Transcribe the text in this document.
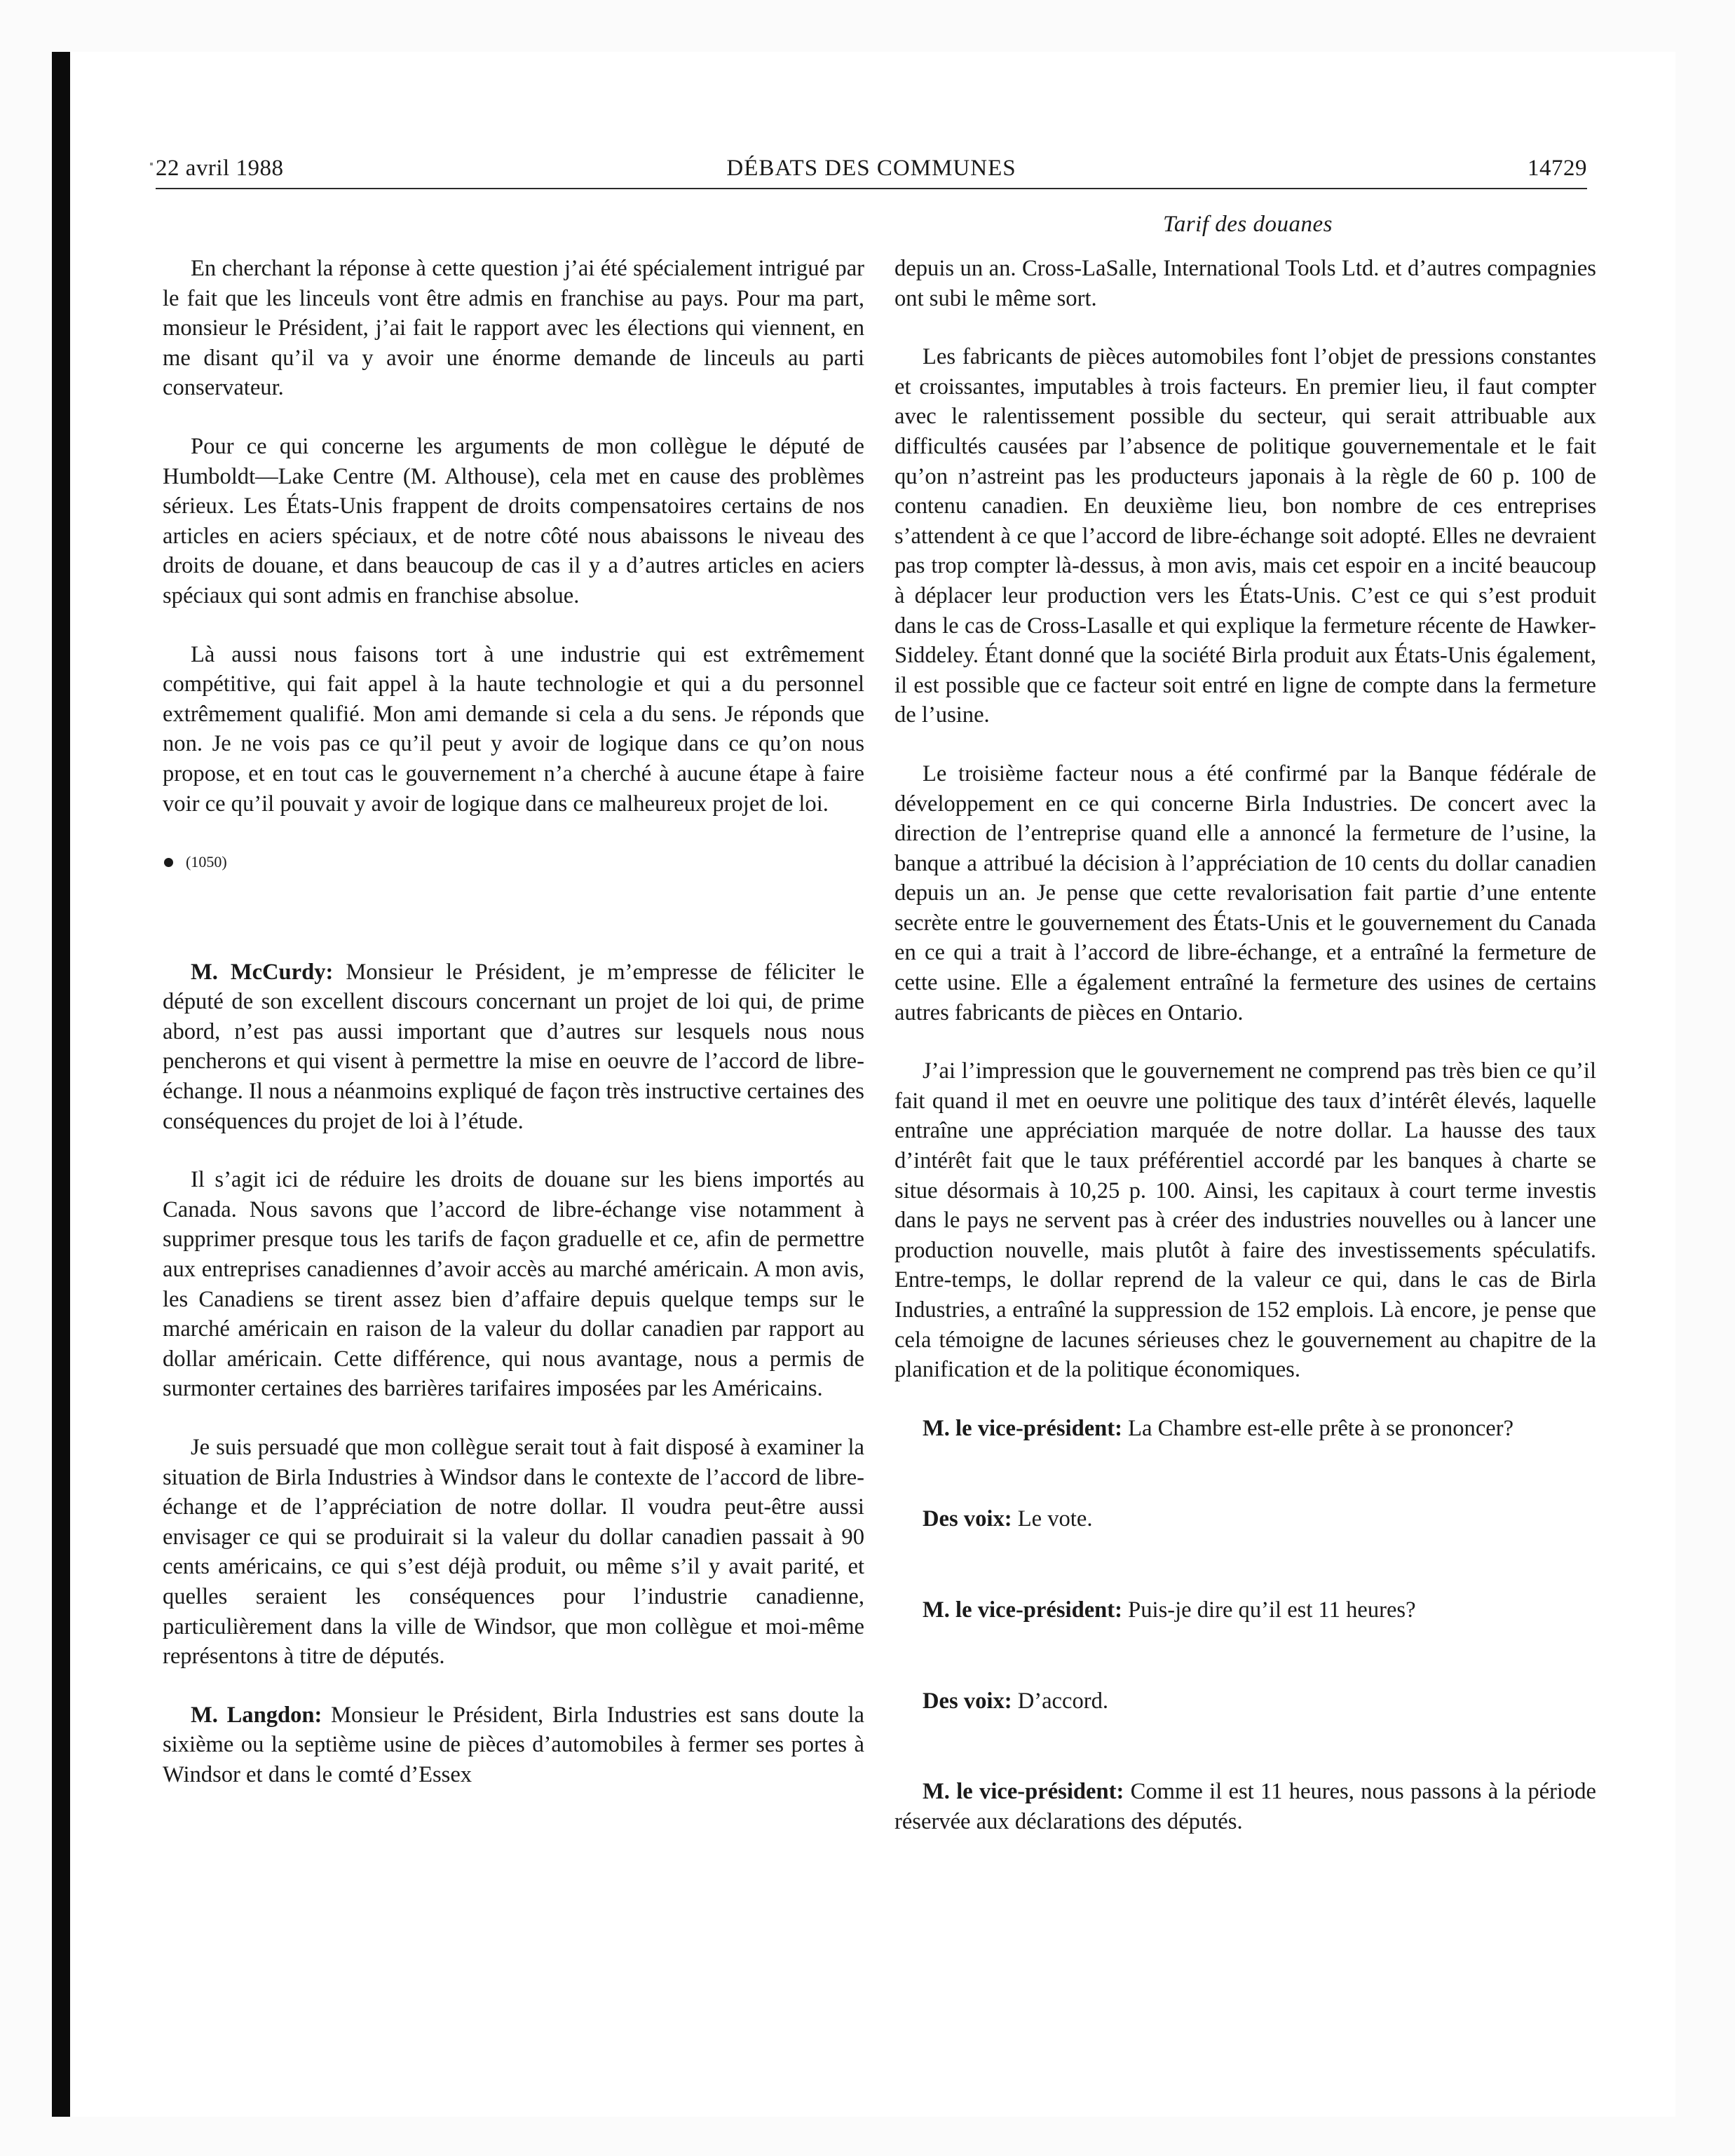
22 avril 1988	DÉBATS DES COMMUNES	14729
Tarif des douanes

En cherchant la réponse à cette question j’ai été spécialement intrigué par le fait que les linceuls vont être admis en franchise au pays. Pour ma part, monsieur le Président, j’ai fait le rapport avec les élections qui viennent, en me disant qu’il va y avoir une énorme demande de linceuls au parti conservateur.

Pour ce qui concerne les arguments de mon collègue le député de Humboldt—Lake Centre (M. Althouse), cela met en cause des problèmes sérieux. Les États-Unis frappent de droits compensatoires certains de nos articles en aciers spéciaux, et de notre côté nous abaissons le niveau des droits de douane, et dans beaucoup de cas il y a d’autres articles en aciers spéciaux qui sont admis en franchise absolue.

Là aussi nous faisons tort à une industrie qui est extrêmement compétitive, qui fait appel à la haute technologie et qui a du personnel extrêmement qualifié. Mon ami demande si cela a du sens. Je réponds que non. Je ne vois pas ce qu’il peut y avoir de logique dans ce qu’on nous propose, et en tout cas le gouvernement n’a cherché à aucune étape à faire voir ce qu’il pouvait y avoir de logique dans ce malheureux projet de loi.

(1050)

M. McCurdy: Monsieur le Président, je m’empresse de féliciter le député de son excellent discours concernant un projet de loi qui, de prime abord, n’est pas aussi important que d’autres sur lesquels nous nous pencherons et qui visent à permettre la mise en oeuvre de l’accord de libre-échange. Il nous a néanmoins expliqué de façon très instructive certaines des conséquences du projet de loi à l’étude.

Il s’agit ici de réduire les droits de douane sur les biens importés au Canada. Nous savons que l’accord de libre-échange vise notamment à supprimer presque tous les tarifs de façon graduelle et ce, afin de permettre aux entreprises canadiennes d’avoir accès au marché américain. A mon avis, les Canadiens se tirent assez bien d’affaire depuis quelque temps sur le marché américain en raison de la valeur du dollar canadien par rapport au dollar américain. Cette différence, qui nous avantage, nous a permis de surmonter certaines des barrières tarifaires imposées par les Américains.

Je suis persuadé que mon collègue serait tout à fait disposé à examiner la situation de Birla Industries à Windsor dans le contexte de l’accord de libre-échange et de l’appréciation de notre dollar. Il voudra peut-être aussi envisager ce qui se produirait si la valeur du dollar canadien passait à 90 cents américains, ce qui s’est déjà produit, ou même s’il y avait parité, et quelles seraient les conséquences pour l’industrie canadienne, particulièrement dans la ville de Windsor, que mon collègue et moi-même représentons à titre de députés.

M. Langdon: Monsieur le Président, Birla Industries est sans doute la sixième ou la septième usine de pièces d’automobiles à fermer ses portes à Windsor et dans le comté d’Essex

depuis un an. Cross-LaSalle, International Tools Ltd. et d’autres compagnies ont subi le même sort.

Les fabricants de pièces automobiles font l’objet de pressions constantes et croissantes, imputables à trois facteurs. En premier lieu, il faut compter avec le ralentissement possible du secteur, qui serait attribuable aux difficultés causées par l’absence de politique gouvernementale et le fait qu’on n’astreint pas les producteurs japonais à la règle de 60 p. 100 de contenu canadien. En deuxième lieu, bon nombre de ces entreprises s’attendent à ce que l’accord de libre-échange soit adopté. Elles ne devraient pas trop compter là-dessus, à mon avis, mais cet espoir en a incité beaucoup à déplacer leur production vers les États-Unis. C’est ce qui s’est produit dans le cas de Cross-Lasalle et qui explique la fermeture récente de Hawker-Siddeley. Étant donné que la société Birla produit aux États-Unis également, il est possible que ce facteur soit entré en ligne de compte dans la fermeture de l’usine.

Le troisième facteur nous a été confirmé par la Banque fédérale de développement en ce qui concerne Birla Industries. De concert avec la direction de l’entreprise quand elle a annoncé la fermeture de l’usine, la banque a attribué la décision à l’appréciation de 10 cents du dollar canadien depuis un an. Je pense que cette revalorisation fait partie d’une entente secrète entre le gouvernement des États-Unis et le gouvernement du Canada en ce qui a trait à l’accord de libre-échange, et a entraîné la fermeture de cette usine. Elle a également entraîné la fermeture des usines de certains autres fabricants de pièces en Ontario.

J’ai l’impression que le gouvernement ne comprend pas très bien ce qu’il fait quand il met en oeuvre une politique des taux d’intérêt élevés, laquelle entraîne une appréciation marquée de notre dollar. La hausse des taux d’intérêt fait que le taux préférentiel accordé par les banques à charte se situe désormais à 10,25 p. 100. Ainsi, les capitaux à court terme investis dans le pays ne servent pas à créer des industries nouvelles ou à lancer une production nouvelle, mais plutôt à faire des investissements spéculatifs. Entre-temps, le dollar reprend de la valeur ce qui, dans le cas de Birla Industries, a entraîné la suppression de 152 emplois. Là encore, je pense que cela témoigne de lacunes sérieuses chez le gouvernement au chapitre de la planification et de la politique économiques.

M. le vice-président: La Chambre est-elle prête à se prononcer?

Des voix: Le vote.

M. le vice-président: Puis-je dire qu’il est 11 heures?

Des voix: D’accord.

M. le vice-président: Comme il est 11 heures, nous passons à la période réservée aux déclarations des députés.
